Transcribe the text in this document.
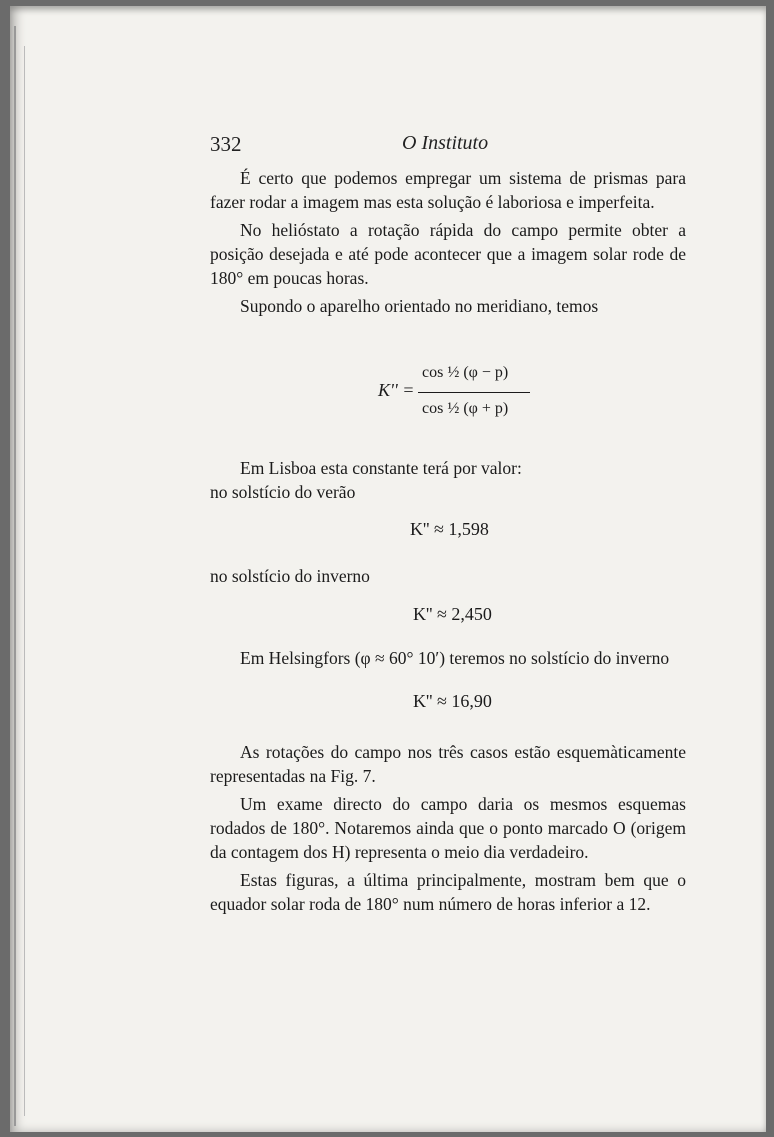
332	O Instituto

É certo que podemos empregar um sistema de prismas para fazer rodar a imagem mas esta solução é laboriosa e imperfeita.

No helióstato a rotação rápida do campo permite obter a posição desejada e até pode acontecer que a imagem solar rode de 180° em poucas horas.

Supondo o aparelho orientado no meridiano, temos

K'' =
cos ½ (φ − p)
cos ½ (φ + p)

Em Lisboa esta constante terá por valor:

no solstício do verão

K'' ≈ 1,598

no solstício do inverno

K'' ≈ 2,450

Em Helsingfors (φ ≈ 60° 10′) teremos no solstício do inverno

K'' ≈ 16,90

As rotações do campo nos três casos estão esquemàticamente representadas na Fig. 7.

Um exame directo do campo daria os mesmos esquemas rodados de 180°. Notaremos ainda que o ponto marcado O (origem da contagem dos H) representa o meio dia verdadeiro.

Estas figuras, a última principalmente, mostram bem que o equador solar roda de 180° num número de horas inferior a 12.
